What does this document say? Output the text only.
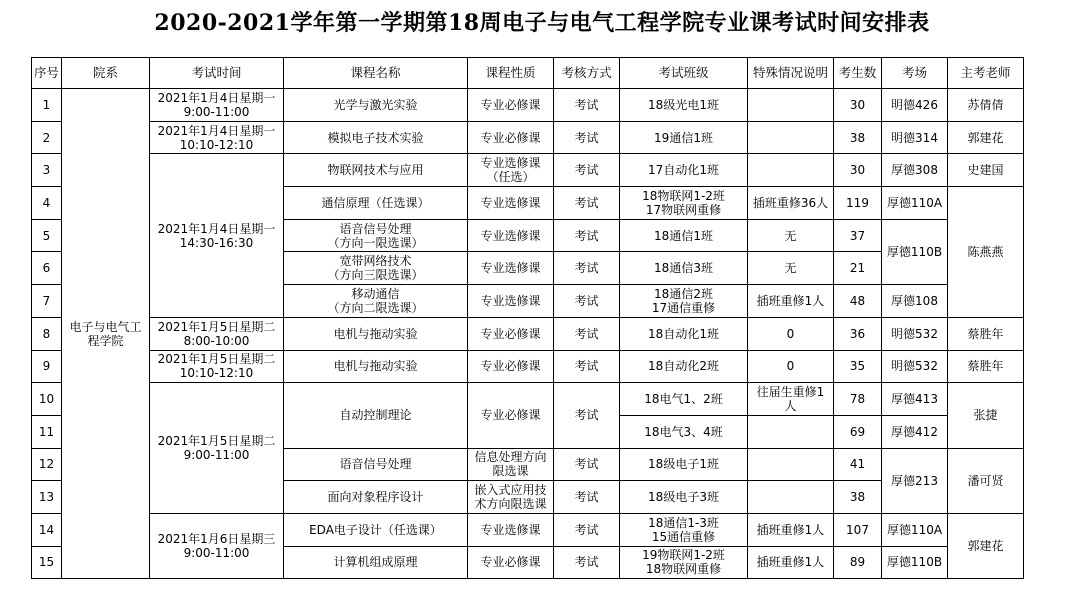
2020-2021学年第一学期第18周电子与电气工程学院专业课考试时间安排表
序号	院系	考试时间	课程名称	课程性质	考核方式	考试班级	特殊情况说明	考生数	考场	主考老师
1	电子与电气工程学院	2021年1月4日星期一
9:00-11:00	光学与激光实验	专业必修课	考试	18级光电1班		30	明德426	苏倩倩
2		2021年1月4日星期一
10:10-12:10	模拟电子技术实验	专业必修课	考试	19通信1班		38	明德314	郭建花
3		2021年1月4日星期一
14:30-16:30	物联网技术与应用	专业选修课
（任选）	考试	17自动化1班		30	厚德308	史建国
4			通信原理（任选课）	专业选修课	考试	18物联网1-2班
17物联网重修	插班重修36人	119	厚德110A	陈燕燕
5			语音信号处理
（方向一限选课）	专业选修课	考试	18通信1班	无	37	厚德110B	
6			宽带网络技术
（方向三限选课）	专业选修课	考试	18通信3班	无	21		
7			移动通信
（方向二限选课）	专业选修课	考试	18通信2班
17通信重修	插班重修1人	48	厚德108	
8		2021年1月5日星期二
8:00-10:00	电机与拖动实验	专业必修课	考试	18自动化1班	0	36	明德532	蔡胜年
9		2021年1月5日星期二
10:10-12:10	电机与拖动实验	专业必修课	考试	18自动化2班	0	35	明德532	蔡胜年
10		2021年1月5日星期二
9:00-11:00	自动控制理论	专业必修课	考试	18电气1、2班	往届生重修1
人	78	厚德413	张捷
11						18电气3、4班		69	厚德412	
12			语音信号处理	信息处理方向
限选课	考试	18级电子1班		41	厚德213	潘可贤
13			面向对象程序设计	嵌入式应用技
术方向限选课	考试	18级电子3班		38		
14		2021年1月6日星期三
9:00-11:00	EDA电子设计（任选课）	专业选修课	考试	18通信1-3班
15通信重修	插班重修1人	107	厚德110A	郭建花
15			计算机组成原理	专业必修课	考试	19物联网1-2班
18物联网重修	插班重修1人	89	厚德110B	
